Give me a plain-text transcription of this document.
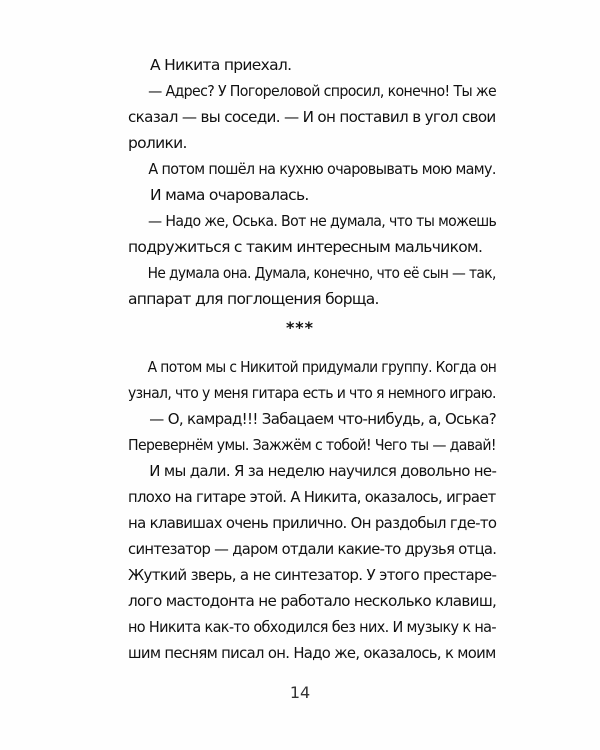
А Никита приехал.
— Адрес? У Погореловой спросил, конечно! Ты же
сказал — вы соседи. — И он поставил в угол свои
ролики.
А потом пошёл на кухню очаровывать мою маму.
И мама очаровалась.
— Надо же, Оська. Вот не думала, что ты можешь
подружиться с таким интересным мальчиком.
Не думала она. Думала, конечно, что её сын — так,
аппарат для поглощения борща.
***
А потом мы с Никитой придумали группу. Когда он
узнал, что у меня гитара есть и что я немного играю.
— О, камрад!!! Забацаем что-нибудь, а, Оська?
Перевернём умы. Зажжём с тобой! Чего ты — давай!
И мы дали. Я за неделю научился довольно не-
плохо на гитаре этой. А Никита, оказалось, играет
на клавишах очень прилично. Он раздобыл где-то
синтезатор — даром отдали какие-то друзья отца.
Жуткий зверь, а не синтезатор. У этого престаре-
лого мастодонта не работало несколько клавиш,
но Никита как-то обходился без них. И музыку к на-
шим песням писал он. Надо же, оказалось, к моим
14
